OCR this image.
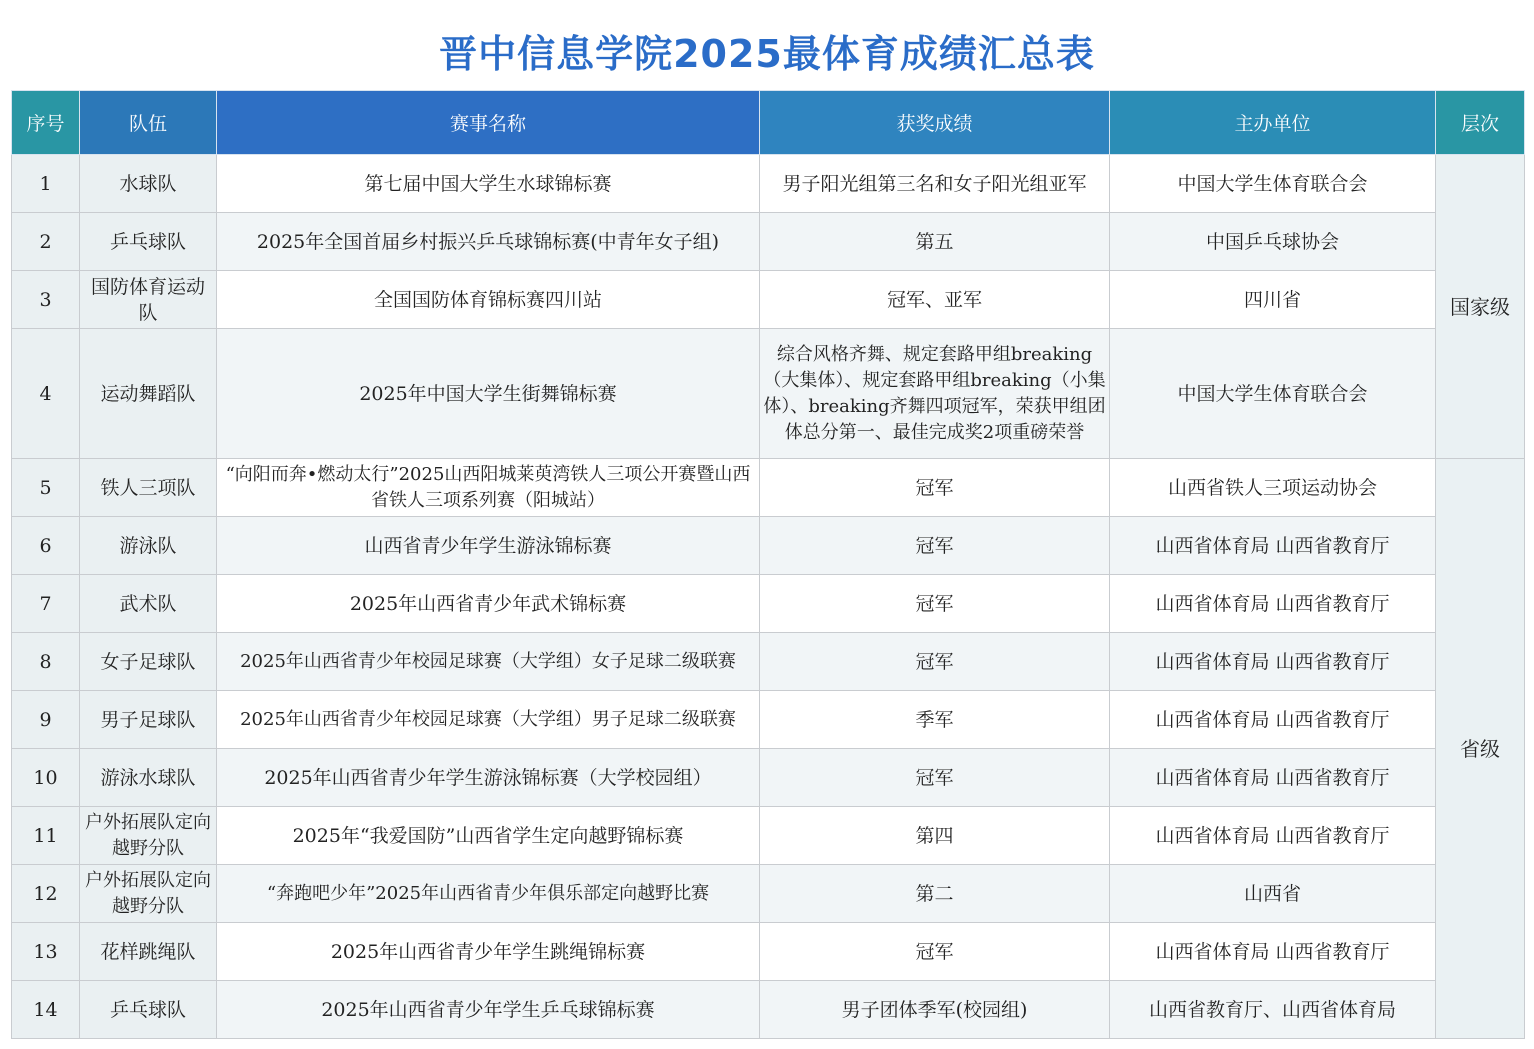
晋中信息学院2025最体育成绩汇总表
序号	队伍	赛事名称	获奖成绩	主办单位	层次
1	水球队	第七届中国大学生水球锦标赛	男子阳光组第三名和女子阳光组亚军	中国大学生体育联合会	国家级
2	乒乓球队	2025年全国首届乡村振兴乒乓球锦标赛(中青年女子组)	第五	中国乒乓球协会	
3	国防体育运动队	全国国防体育锦标赛四川站	冠军、亚军	四川省	
4	运动舞蹈队	2025年中国大学生街舞锦标赛	综合风格齐舞、规定套路甲组breaking（大集体）、规定套路甲组breaking（小集体）、breaking齐舞四项冠军，荣获甲组团体总分第一、最佳完成奖2项重磅荣誉	中国大学生体育联合会	
5	铁人三项队	“向阳而奔•燃动太行”2025山西阳城莱萸湾铁人三项公开赛暨山西省铁人三项系列赛（阳城站）	冠军	山西省铁人三项运动协会	省级
6	游泳队	山西省青少年学生游泳锦标赛	冠军	山西省体育局 山西省教育厅	
7	武术队	2025年山西省青少年武术锦标赛	冠军	山西省体育局 山西省教育厅	
8	女子足球队	2025年山西省青少年校园足球赛（大学组）女子足球二级联赛	冠军	山西省体育局 山西省教育厅	
9	男子足球队	2025年山西省青少年校园足球赛（大学组）男子足球二级联赛	季军	山西省体育局 山西省教育厅	
10	游泳水球队	2025年山西省青少年学生游泳锦标赛（大学校园组）	冠军	山西省体育局 山西省教育厅	
11	户外拓展队定向越野分队	2025年“我爱国防”山西省学生定向越野锦标赛	第四	山西省体育局 山西省教育厅	
12	户外拓展队定向越野分队	“奔跑吧少年”2025年山西省青少年俱乐部定向越野比赛	第二	山西省	
13	花样跳绳队	2025年山西省青少年学生跳绳锦标赛	冠军	山西省体育局 山西省教育厅	
14	乒乓球队	2025年山西省青少年学生乒乓球锦标赛	男子团体季军(校园组)	山西省教育厅、山西省体育局	
